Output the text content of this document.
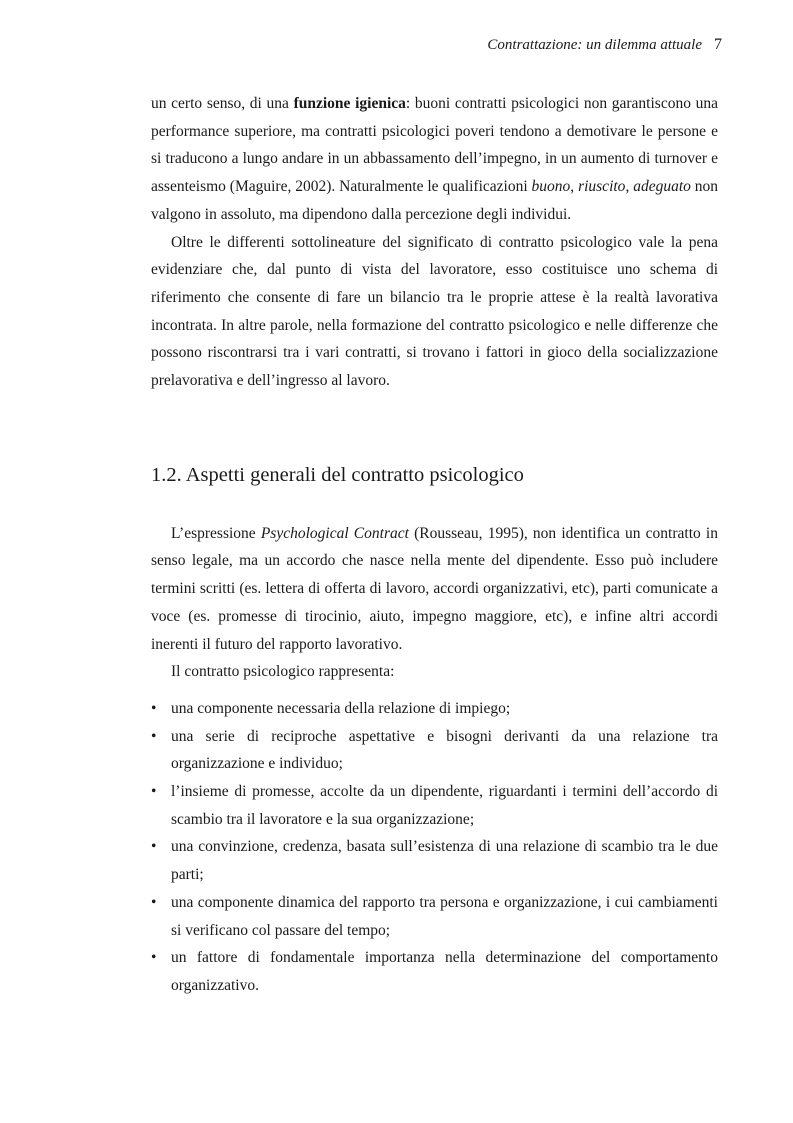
Contrattazione: un dilemma attuale 7

un certo senso, di una funzione igienica: buoni contratti psicologici non garantiscono una performance superiore, ma contratti psicologici poveri tendono a demotivare le persone e si traducono a lungo andare in un abbassamento dell’impegno, in un aumento di turnover e assenteismo (Maguire, 2002). Naturalmente le qualificazioni buono, riuscito, adeguato non valgono in assoluto, ma dipendono dalla percezione degli individui.

Oltre le differenti sottolineature del significato di contratto psicologico vale la pena evidenziare che, dal punto di vista del lavoratore, esso costituisce uno schema di riferimento che consente di fare un bilancio tra le proprie attese è la realtà lavorativa incontrata. In altre parole, nella formazione del contratto psicologico e nelle differenze che possono riscontrarsi tra i vari contratti, si trovano i fattori in gioco della socializzazione prelavorativa e dell’ingresso al lavoro.

1.2. Aspetti generali del contratto psicologico

L’espressione Psychological Contract (Rousseau, 1995), non identifica un contratto in senso legale, ma un accordo che nasce nella mente del dipendente. Esso può includere termini scritti (es. lettera di offerta di lavoro, accordi organizzativi, etc), parti comunicate a voce (es. promesse di tirocinio, aiuto, impegno maggiore, etc), e infine altri accordi inerenti il futuro del rapporto lavorativo.

Il contratto psicologico rappresenta:

• una componente necessaria della relazione di impiego;
• una serie di reciproche aspettative e bisogni derivanti da una relazione tra organizzazione e individuo;
• l’insieme di promesse, accolte da un dipendente, riguardanti i termini dell’accordo di scambio tra il lavoratore e la sua organizzazione;
• una convinzione, credenza, basata sull’esistenza di una relazione di scambio tra le due parti;
• una componente dinamica del rapporto tra persona e organizzazione, i cui cambiamenti si verificano col passare del tempo;
• un fattore di fondamentale importanza nella determinazione del comportamento organizzativo.
